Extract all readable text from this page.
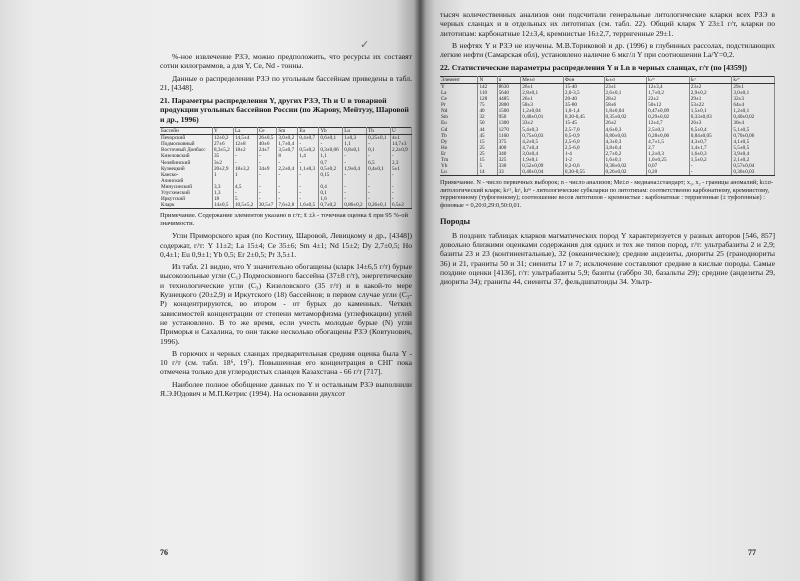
%-ное извлечение РЗЭ, можно предположить, что ресурсы их составят сотни килограммов, а для Y, Ce, Nd - тонны.

Данные о распределении РЗЭ по угольным бассейнам приведены в табл. 21, [4348].

21. Параметры распределения Y, других РЗЭ, Th и U в товарной продукции угольных бассейнов России (по Жарову, Мейтузу, Шаровой и др., 1996)
Бассейн	Y	La	Ce	Sm	Eu	Yb	Lu	Th	U
Печорский	12±0,2	14,5±4	26±0,5	3,0±0,2	0,4±0,7	0,6±0,1	1±0,3	0,25±0,1	4±1
Подмосковный	27±6	12±8	40±6	1,7±0,4	-	-	1,1	-	14,7±3
Восточный Донбасс	8,3±5,2	18±2	24±7	3,5±0,7	0,5±0,2	0,3±0,06	0,8±0,1	0,1	2,2±0,9
Кизеловский	35	-	-	8	1,4	1,1	-	-	-
Челябинский	3±2	-	-	-	-	0,7	-	6,5	2,3
Кузнецкий	20±2,9	18±3,2	34±9	2,2±0,4	1,1±0,3	0,5±0,2	1,9±0,4	0,4±0,1	5±1
Канско-	1	1	-	-	-	0,15	-	-	-
Ачинский									
Минусинский	3,3	4,5	-	-	-	0,4	-	-	-
Улугхемский	1,3	-	-	-	-	0,1	-	-	-
Иркутский	18	5	-	-	-	1,6	-	-	-
Кларк	14±0,5	10,5±5,2	30,5±7	7,6±2,8	1,6±0,5	0,7±0,2	0,86±0,2	0,26±0,1	6,5±2
Примечание. Содержание элементов указано в г/т; x̄ ±λ - точечная оценка x̄ при 95 %-ой значимости.

Угли Приморского края (по Костину, Шаровой, Левицкому и др., [4348]) содержат, г/т: Y 11±2; La 15±4; Ce 35±6; Sm 4±1; Nd 15±2; Dy 2,7±0,5; Ho 0,4±1; Eu 0,9±1; Yb 0,5; Er 2±0,5; Pr 3,5±1.

Из табл. 21 видно, что Y значительно обогащены (кларк 14±6,5 г/т) бурые высокозольные угли (C₁) Подмосковного бассейна (37±8 г/т), энергетические и технологические угли (C₃) Кизеловского (35 г/т) и в какой-то мере Кузнецкого (20±2,9) и Иркутского (18) бассейнов; в первом случае угли (C₃-P) концентрируются, во втором - от бурых до каменных. Четких зависимостей концентрации от степени метаморфизма (углефикации) углей не установлено. В то же время, если учесть молодые бурые (N) угли Приморья и Сахалина, то они также несколько обогащены РЗЭ (Ковтунович, 1996).

В горючих и черных сланцах предварительная средняя оценка была Y - 10 г/т (см. табл. 18⁶, 19⁷). Повышенная его концентрация в СНГ пока отмечена только для углеродистых сланцев Казахстана - 66 г/т [717].

Наиболее полное обобщение данных по Y и остальным РЗЭ выполнили Я.Э.Юдович и М.П.Кетрис (1994). На основании двухсот

76
✓

тысяч количественных анализов они подсчитали генеральные литологические кларки всех РЗЭ в черных сланцах и в отдельных их литотипах (см. табл. 22). Общий кларк Y 23±1 г/т, кларки по литотипам: карбонатные 12±3,4, кремнистые 16±2,7, терригенные 29±1.

В нефтях Y и РЗЭ не изучены. М.В.Ториковой и др. (1996) в глубинных рассолах, подстилающих легкие нефти (Самарская обл), установлено наличие 6 мкг/л Y при соотношении La/Y=0,2.

22. Статистические параметры распределения Y и Ln в черных сланцах, г/т (по [4359])
Элемент	N	n	Me±σ	Фон	kₗ±σ	kₗᶜᵃ	kₗˢ	kₗᵗᵉ
Y	142	8630	26±1	15-40	23±1	12±3,4	23±2	29±1
La	110	5640	2,8±0,1	2,0-3,5	2,6±0,1	1,7±0,2	2,9±0,2	3,0±0,1
Ce	128	4485	26±1	20-40	28±2	22±2	29±1	32±3
Pr	75	2800	58±3	35-80	58±6	50±12	53±22	64±4
Nd	40	1500	1,2±0,04	1,0-1,4	1,8±0,04	0,47±0,09	1,5±0,1	1,2±0,1
Sm	32	950	0,40±0,01	0,30-0,45	0,35±0,02	0,29±0,02	0,33±0,03	0,40±0,02
Eu	50	1300	33±2	15-45	26±2	12±4,7	26±3	30±4
Gd	44	1270	5,4±0,3	2,5-7,0	4,6±0,3	2,5±0,3	6,5±0,4	5,1±0,5
Tb	45	1160	0,75±0,03	0,5-0,9	0,80±0,03	0,28±0,06	0,84±0,05	0,70±0,06
Dy	15	375	4,2±0,5	2,5-6,0	4,3±0,3	4,7±1,5	4,3±0,7	4,1±0,5
Ho	25	400	4,7±0,4	2,5-6,0	3,8±0,4	2,7	1,4±1,7	5,5±0,5
Er	25	340	3,0±0,4	1-4	2,7±0,2	1,2±0,3	1,6±0,3	3,9±0,4
Tm	15	325	1,9±0,1	1-2	1,6±0,1	1,0±0,25	1,5±0,2	2,1±0,2
Yb	5	330	0,52±0,09	0,2-0,6	0,38±0,02	0,07	-	0,57±0,04
Lu	14	33	0,40±0,04	0,30-0,55	0,26±0,02	0,20	-	0,30±0,03
Примечание. N - число первичных выборок; n - число анализов; Me±σ - медиана±стандарт; x₁, x₂ - границы аномалий; kₗ±σ- литологический кларк; kₗᶜᵃ, kₗˢ, kₗᵗᵉ - литологические субкларки по литотипам: соответственно карбонатному, кремнистому, терригенному (туфогенному); соотношение весов литотипов - кремнистые : карбонатные : терригенные (± туфогенные) : фоновые = 0,20:0,29:0,50:0,01.
Породы

В поздних таблицах кларков магматических пород Y характеризуется у разных авторов [546, 857] довольно близкими оценками содержания для одних и тех же типов пород, г/т: ультрабазиты 2 и 2,9; базиты 23 и 23 (континентальные), 32 (океанические); средние андезиты, диориты 25 (гранодиориты 36) и 21, граниты 50 и 31; сиениты 17 и 7; исключение составляют средние в кислые породы. Самые поздние оценки [4136], г/т: ультрабазиты 5,9; базиты (габбро 30, базальты 29); средние (андезиты 29, диориты 34); граниты 44, сиениты 37, фельдшпатоиды 34. Ультр-

77
